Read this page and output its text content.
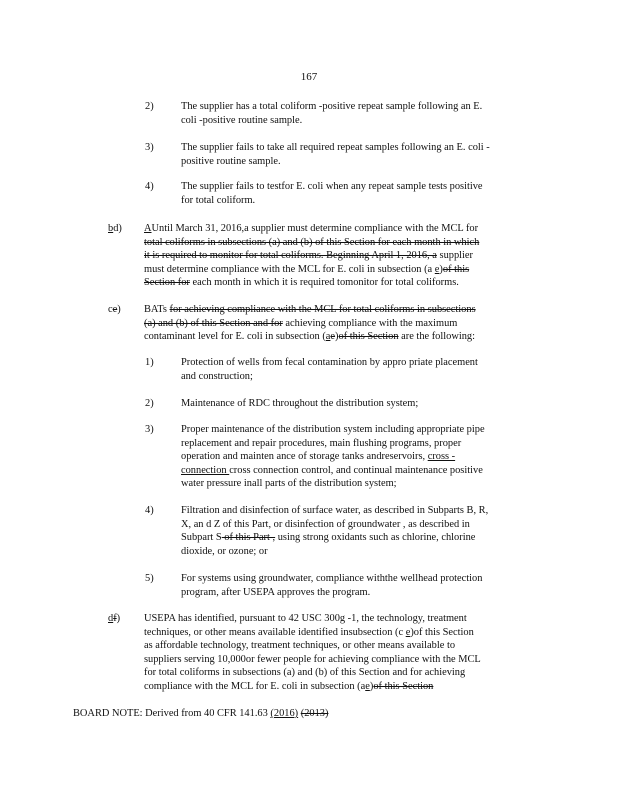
167
2)	The supplier has a total coliform -positive repeat sample following an E.
coli -positive routine sample.
3)	The supplier fails to take all required repeat samples following an E. coli -
positive routine sample.
4)	The supplier fails to testfor E. coli when any repeat sample tests positive
for total coliform.
bd) AUntil March 31, 2016,a supplier must determine compliance with the MCL for
total coliforms in subsections (a) and (b) of this Section for each month in which
it is required to monitor for total coliforms. Beginning April 1, 2016, a supplier
must determine compliance with the MCL for E. coli in subsection (a e)of this
Section for each month in which it is required tomonitor for total coliforms.
ce) BATs for achieving compliance with the MCL for total coliforms in subsections
(a) and (b) of this Section and for achieving compliance with the maximum
contaminant level for E. coli in subsection (ae)of this Section are the following:
1)	Protection of wells from fecal contamination by appro priate placement
and construction;
2)	Maintenance of RDC throughout the distribution system;
3)	Proper maintenance of the distribution system including appropriate pipe
replacement and repair procedures, main flushing programs, proper
operation and mainten ance of storage tanks andreservoirs, cross -
connection cross connection control, and continual maintenance positive
water pressure inall parts of the distribution system;
4)	Filtration and disinfection of surface water, as described in Subparts B, R,
X, an d Z of this Part, or disinfection of groundwater , as described in
Subpart S of this Part , using strong oxidants such as chlorine, chlorine
dioxide, or ozone; or
5)	For systems using groundwater, compliance withthe wellhead protection
program, after USEPA approves the program.
df) USEPA has identified, pursuant to 42 USC 300g -1, the technology, treatment
techniques, or other means available identified insubsection (c e)of this Section
as affordable technology, treatment techniques, or other means available to
suppliers serving 10,000or fewer people for achieving compliance with the MCL
for total coliforms in subsections (a) and (b) of this Section and for achieving
compliance with the MCL for E. coli in subsection (ae)of this Section
BOARD NOTE: Derived from 40 CFR 141.63 (2016) (2013)
